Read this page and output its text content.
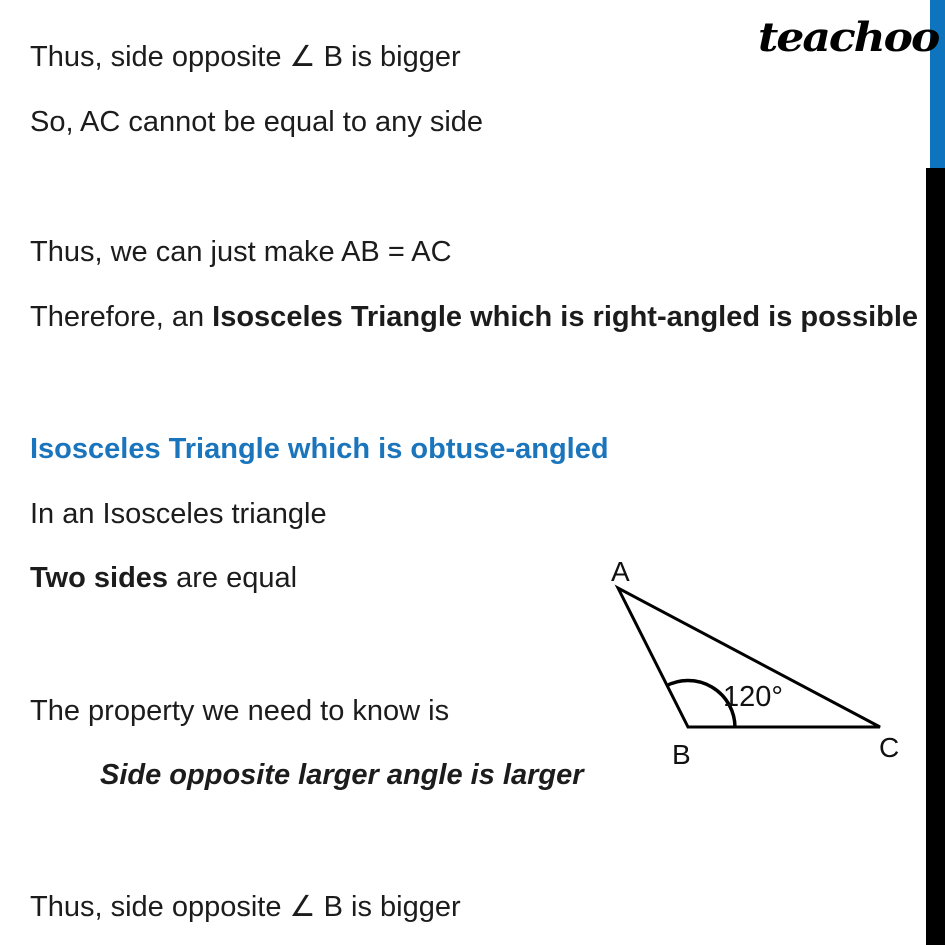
teachoo
Thus, side opposite ∠ B is bigger
So, AC cannot be equal to any side
Thus, we can just make AB = AC
Therefore, an Isosceles Triangle which is right-angled is possible
Isosceles Triangle which is obtuse-angled
In an Isosceles triangle
Two sides are equal
The property we need to know is
Side opposite larger angle is larger
Thus, side opposite ∠ B is bigger
A
B	C
120°
